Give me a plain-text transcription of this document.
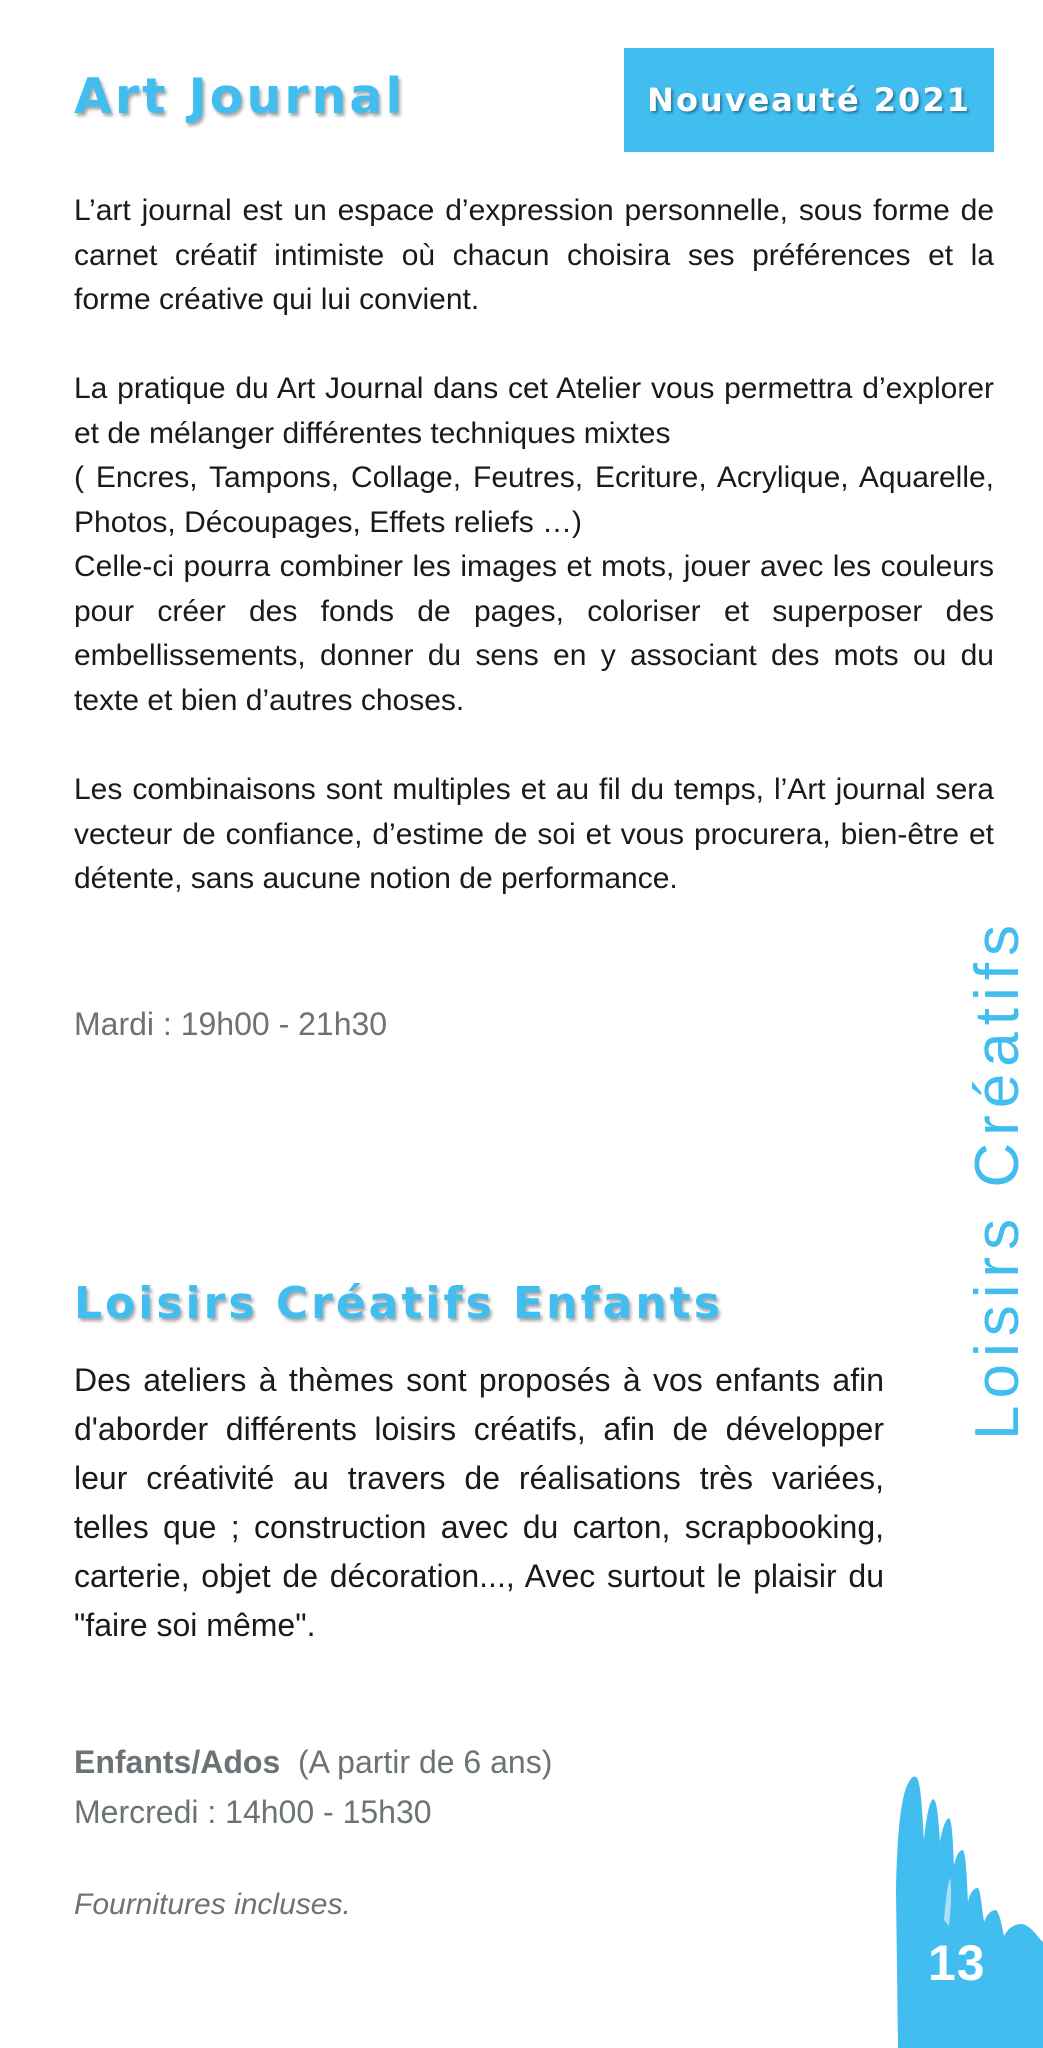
Art Journal	Nouveauté 2021

L’art journal est un espace d’expression personnelle, sous forme de carnet créatif intimiste où chacun choisira ses préférences et la forme créative qui lui convient.

La pratique du Art Journal dans cet Atelier vous permettra d’explorer et de mélanger différentes techniques mixtes
( Encres, Tampons, Collage, Feutres, Ecriture, Acrylique, Aquarelle, Photos, Découpages, Effets reliefs …)
Celle-ci pourra combiner les images et mots, jouer avec les couleurs pour créer des fonds de pages, coloriser et superposer des embellissements, donner du sens en y associant des mots ou du texte et bien d’autres choses.

Les combinaisons sont multiples et au fil du temps, l’Art journal sera vecteur de confiance, d’estime de soi et vous procurera, bien-être et détente, sans aucune notion de performance.

Mardi : 19h00 - 21h30

Loisirs Créatifs Enfants

Des ateliers à thèmes sont proposés à vos enfants afin d'aborder différents loisirs créatifs, afin de développer leur créativité au travers de réalisations très variées, telles que ; construction avec du carton, scrapbooking, carterie, objet de décoration..., Avec surtout le plaisir du "faire soi même".

Enfants/Ados (A partir de 6 ans)

Mercredi : 14h00 - 15h30

Fournitures incluses.

Loisirs Créatifs
13
